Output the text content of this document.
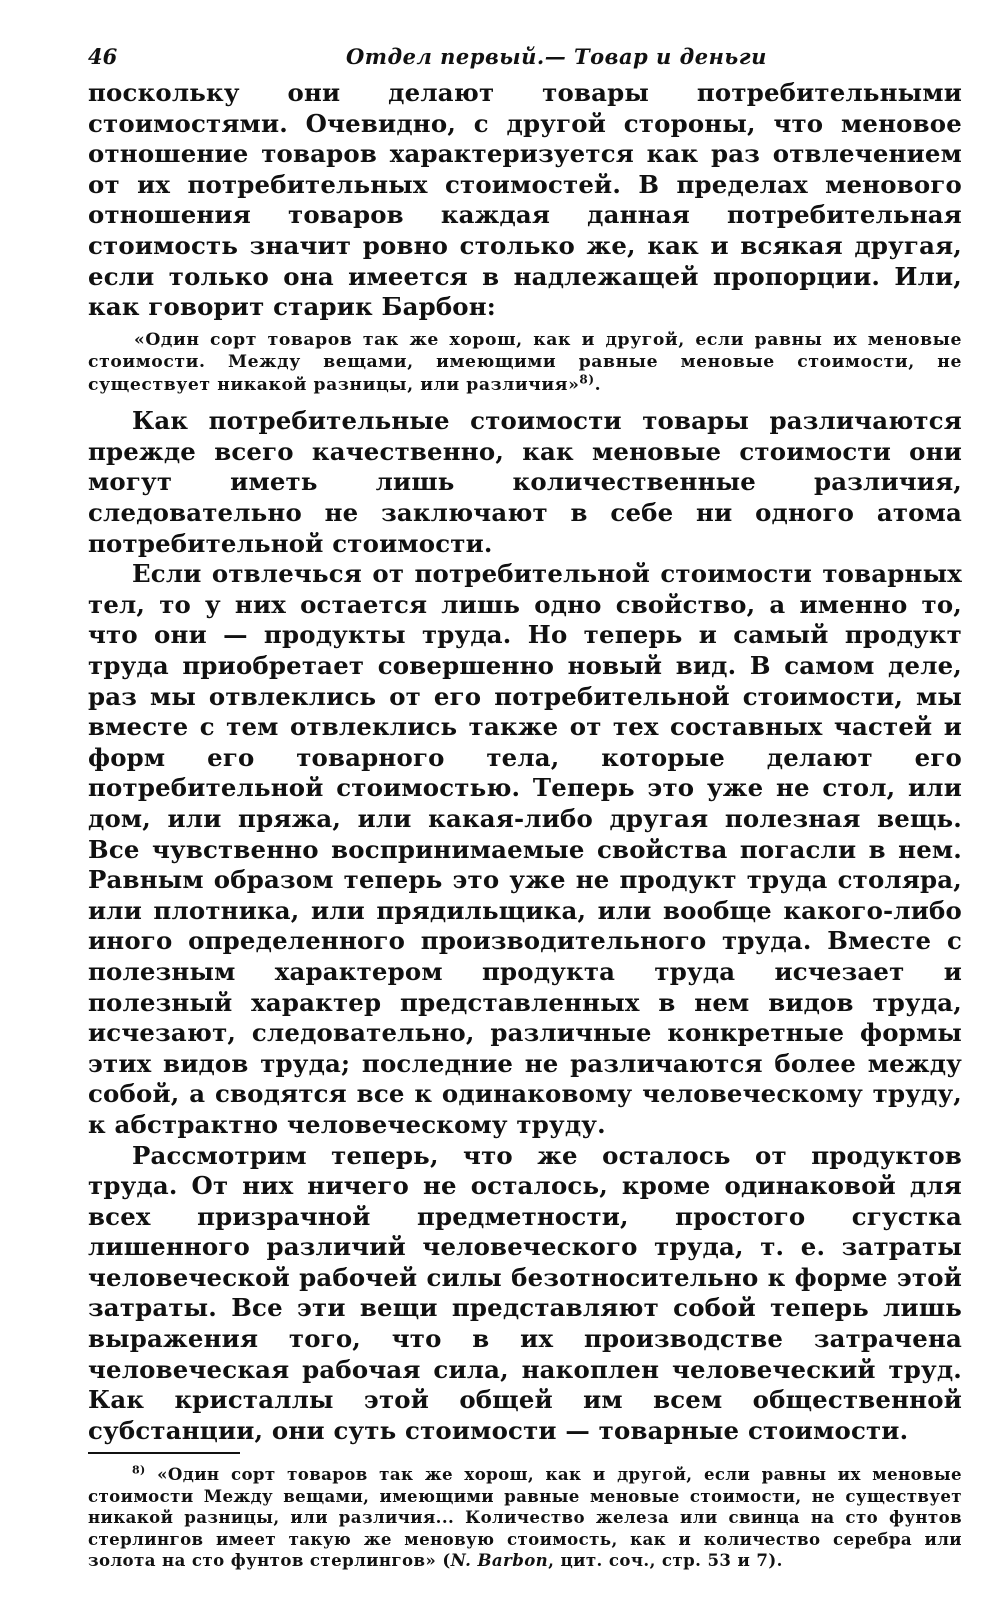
46	Отдел первый.— Товар и деньги

поскольку они делают товары потребительными стоимостями. Очевидно, с другой стороны, что меновое отношение товаров характеризуется как раз отвлечением от их потребительных стоимостей. В пределах менового отношения товаров каждая данная потребительная стоимость значит ровно столько же, как и всякая другая, если только она имеется в надлежащей пропорции. Или, как говорит старик Барбон:

«Один сорт товаров так же хорош, как и другой, если равны их меновые стоимости. Между вещами, имеющими равные меновые стоимости, не существует никакой разницы, или различия»$^{8)}$.

Как потребительные стоимости товары различаются прежде всего качественно, как меновые стоимости они могут иметь лишь количественные различия, следовательно не заключают в себе ни одного атома потребительной стоимости.

Если отвлечься от потребительной стоимости товарных тел, то у них остается лишь одно свойство, а именно то, что они — продукты труда. Но теперь и самый продукт труда приобретает совершенно новый вид. В самом деле, раз мы отвлеклись от его потребительной стоимости, мы вместе с тем отвлеклись также от тех составных частей и форм его товарного тела, которые делают его потребительной стоимостью. Теперь это уже не стол, или дом, или пряжа, или какая-либо другая полезная вещь. Все чувственно воспринимаемые свойства погасли в нем. Равным образом теперь это уже не продукт труда столяра, или плотника, или прядильщика, или вообще какого-либо иного определенного производительного труда. Вместе с полезным характером продукта труда исчезает и полезный характер представленных в нем видов труда, исчезают, следовательно, различные конкретные формы этих видов труда; последние не различаются более между собой, а сводятся все к одинаковому человеческому труду, к абстрактно человеческому труду.

Рассмотрим теперь, что же осталось от продуктов труда. От них ничего не осталось, кроме одинаковой для всех призрачной предметности, простого сгустка лишенного различий человеческого труда, т. е. затраты человеческой рабочей силы безотносительно к форме этой затраты. Все эти вещи представляют собой теперь лишь выражения того, что в их производстве затрачена человеческая рабочая сила, накоплен человеческий труд. Как кристаллы этой общей им всем общественной субстанции, они суть стоимости — товарные стоимости.

$^{8)}$ «Один сорт товаров так же хорош, как и другой, если равны их меновые стоимости Между вещами, имеющими равные меновые стоимости, не существует никакой разницы, или различия... Количество железа или свинца на сто фунтов стерлингов имеет такую же меновую стоимость, как и количество серебра или золота на сто фунтов стерлингов» (N. Barbon, цит. соч., стр. 53 и 7).
